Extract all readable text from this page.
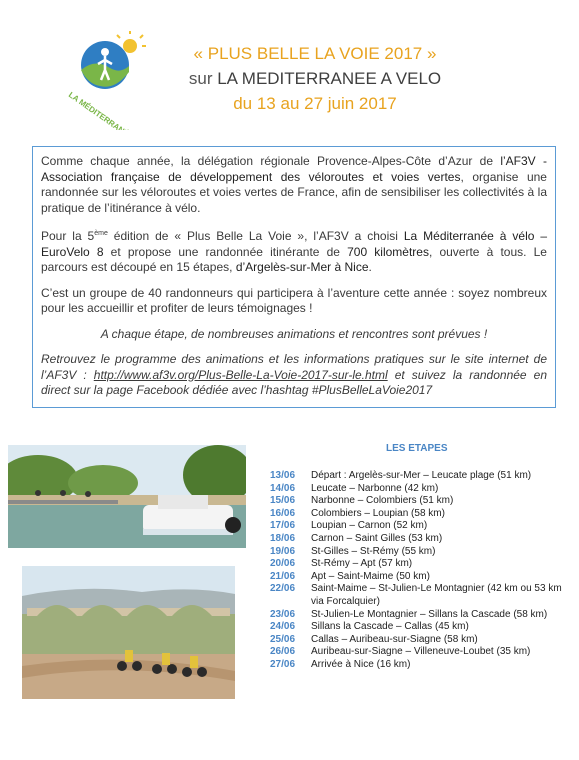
LA MÉDITERRANÉE À VÉLO
« PLUS BELLE LA VOIE 2017 »
sur LA MEDITERRANEE A VELO
du 13 au 27 juin 2017

Comme chaque année, la délégation régionale Provence-Alpes-Côte d’Azur de l’AF3V - Association française de développement des véloroutes et voies vertes, organise une randonnée sur les véloroutes et voies vertes de France, afin de sensibiliser les collectivités à la pratique de l’itinérance à vélo.

Pour la 5ème édition de « Plus Belle La Voie », l’AF3V a choisi La Méditerranée à vélo – EuroVelo 8 et propose une randonnée itinérante de 700 kilomètres, ouverte à tous. Le parcours est découpé en 15 étapes, d’Argelès-sur-Mer à Nice.

C’est un groupe de 40 randonneurs qui participera à l’aventure cette année : soyez nombreux pour les accueillir et profiter de leurs témoignages !

A chaque étape, de nombreuses animations et rencontres sont prévues !

Retrouvez le programme des animations et les informations pratiques sur le site internet de l’AF3V : http://www.af3v.org/Plus-Belle-La-Voie-2017-sur-le.html et suivez la randonnée en direct sur la page Facebook dédiée avec l’hashtag #PlusBelleLaVoie2017

LES ETAPES
13/06	Départ : Argelès-sur-Mer – Leucate plage (51 km)
14/06	Leucate – Narbonne (42 km)
15/06	Narbonne – Colombiers (51 km)
16/06	Colombiers – Loupian (58 km)
17/06	Loupian – Carnon (52 km)
18/06	Carnon – Saint Gilles (53 km)
19/06	St-Gilles – St-Rémy (55 km)
20/06	St-Rémy – Apt (57 km)
21/06	Apt – Saint-Maime (50 km)
22/06	Saint-Maime – St-Julien-Le Montagnier (42 km ou 53 km via Forcalquier)
23/06	St-Julien-Le Montagnier – Sillans la Cascade (58 km)
24/06	Sillans la Cascade – Callas (45 km)
25/06	Callas – Auribeau-sur-Siagne (58 km)
26/06	Auribeau-sur-Siagne – Villeneuve-Loubet (35 km)
27/06	Arrivée à Nice (16 km)
